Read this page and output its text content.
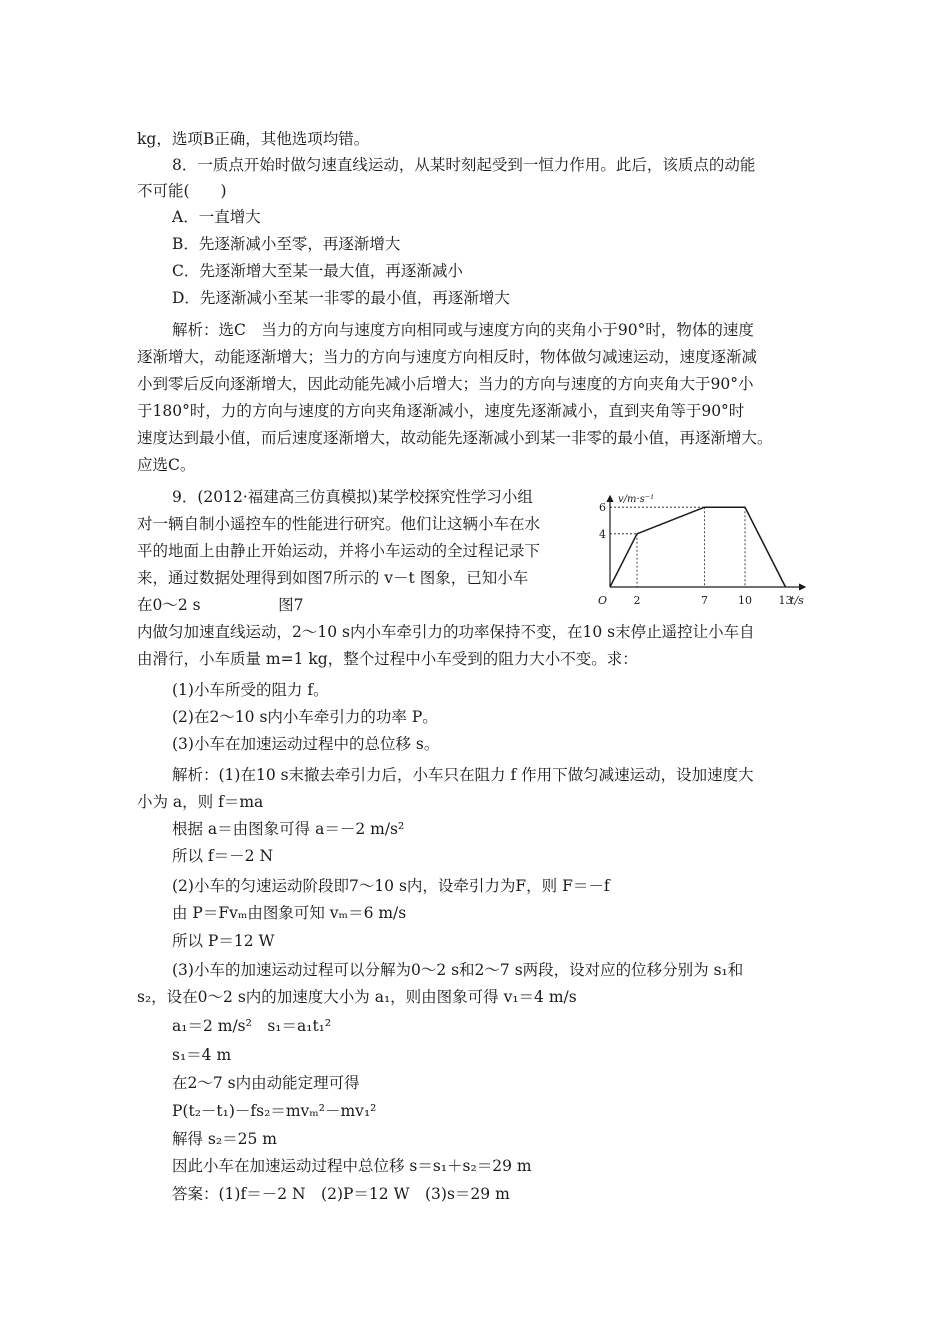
kg，选项B正确，其他选项均错。
8．一质点开始时做匀速直线运动，从某时刻起受到一恒力作用。此后，该质点的动能
不可能(　　)
A．一直增大
B．先逐渐减小至零，再逐渐增大
C．先逐渐增大至某一最大值，再逐渐减小
D．先逐渐减小至某一非零的最小值，再逐渐增大
解析：选C　当力的方向与速度方向相同或与速度方向的夹角小于90°时，物体的速度
逐渐增大，动能逐渐增大；当力的方向与速度方向相反时，物体做匀减速运动，速度逐渐减
小到零后反向逐渐增大，因此动能先减小后增大；当力的方向与速度的方向夹角大于90°小
于180°时，力的方向与速度的方向夹角逐渐减小，速度先逐渐减小，直到夹角等于90°时
速度达到最小值，而后速度逐渐增大，故动能先逐渐减小到某一非零的最小值，再逐渐增大。
应选C。
9．(2012·福建高三仿真模拟)某学校探究性学习小组
对一辆自制小遥控车的性能进行研究。他们让这辆小车在水
平的地面上由静止开始运动，并将小车运动的全过程记录下
来，通过数据处理得到如图7所示的 v－t 图象，已知小车
在0～2 s　　　　　图7
内做匀加速直线运动，2～10 s内小车牵引力的功率保持不变，在10 s末停止遥控让小车自
由滑行，小车质量 m=1 kg，整个过程中小车受到的阻力大小不变。求：
(1)小车所受的阻力 f。
(2)在2～10 s内小车牵引力的功率 P。
(3)小车在加速运动过程中的总位移 s。
解析：(1)在10 s末撤去牵引力后，小车只在阻力 f 作用下做匀减速运动，设加速度大
小为 a，则 f＝ma
根据 a＝由图象可得 a＝－2 m/s²
所以 f＝－2 N
(2)小车的匀速运动阶段即7～10 s内，设牵引力为F，则 F＝－f
由 P＝Fvₘ由图象可知 vₘ＝6 m/s
所以 P＝12 W
(3)小车的加速运动过程可以分解为0～2 s和2～7 s两段，设对应的位移分别为 s₁和
s₂，设在0～2 s内的加速度大小为 a₁，则由图象可得 v₁＝4 m/s
a₁＝2 m/s²　s₁＝a₁t₁²
s₁＝4 m
在2～7 s内由动能定理可得
P(t₂－t₁)－fs₂＝mvₘ²－mv₁²
解得 s₂＝25 m
因此小车在加速运动过程中总位移 s＝s₁＋s₂＝29 m
答案：(1)f＝－2 N　(2)P＝12 W　(3)s＝29 m
v/m·s⁻¹
t/s
O 2	7	10 13
4
6
